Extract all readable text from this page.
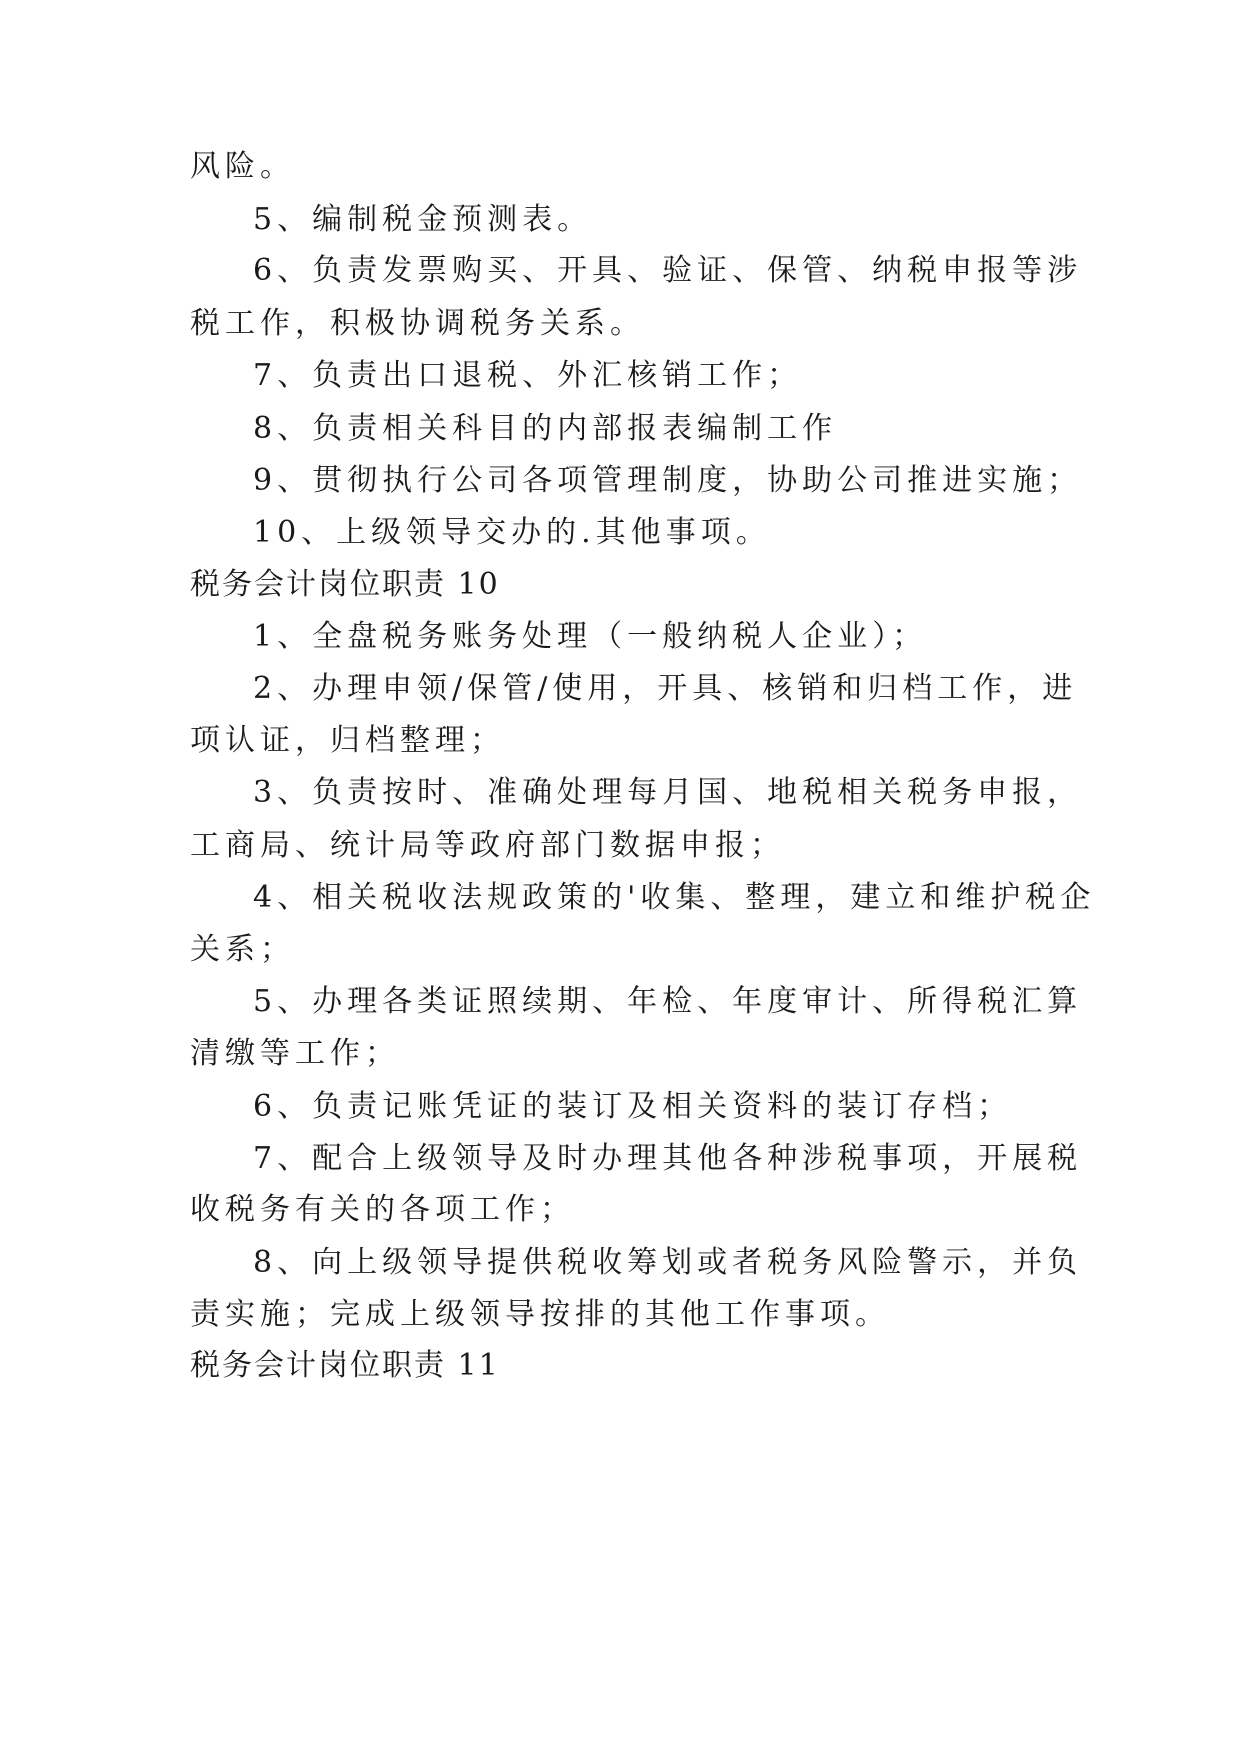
风险。
5、编制税金预测表。
6、负责发票购买、开具、验证、保管、纳税申报等涉
税工作，积极协调税务关系。
7、负责出口退税、外汇核销工作；
8、负责相关科目的内部报表编制工作
9、贯彻执行公司各项管理制度，协助公司推进实施；
10、上级领导交办的.其他事项。
税务会计岗位职责 10
1、全盘税务账务处理（一般纳税人企业）；
2、办理申领/保管/使用，开具、核销和归档工作，进
项认证，归档整理；
3、负责按时、准确处理每月国、地税相关税务申报，
工商局、统计局等政府部门数据申报；
4、相关税收法规政策的'收集、整理，建立和维护税企
关系；
5、办理各类证照续期、年检、年度审计、所得税汇算
清缴等工作；
6、负责记账凭证的装订及相关资料的装订存档；
7、配合上级领导及时办理其他各种涉税事项，开展税
收税务有关的各项工作；
8、向上级领导提供税收筹划或者税务风险警示，并负
责实施；完成上级领导按排的其他工作事项。
税务会计岗位职责 11
